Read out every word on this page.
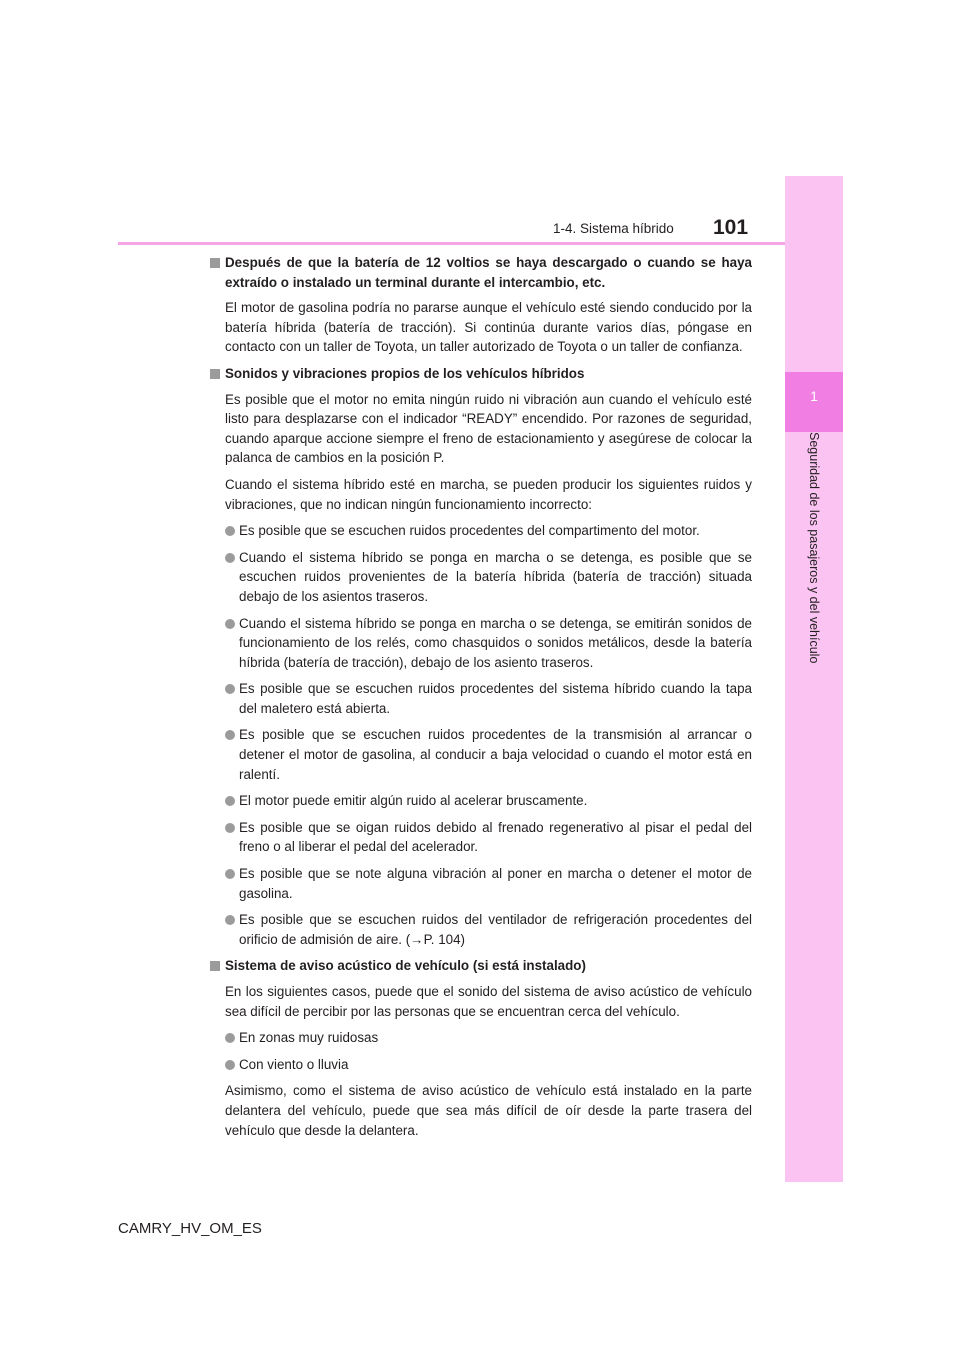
1
Seguridad de los pasajeros y del vehículo
1-4. Sistema híbrido 101
Después de que la batería de 12 voltios se haya descargado o cuando se haya extraído o instalado un terminal durante el intercambio, etc.
El motor de gasolina podría no pararse aunque el vehículo esté siendo conducido por la batería híbrida (batería de tracción). Si continúa durante varios días, póngase en contacto con un taller de Toyota, un taller autorizado de Toyota o un taller de confianza.
Sonidos y vibraciones propios de los vehículos híbridos
Es posible que el motor no emita ningún ruido ni vibración aun cuando el vehículo esté listo para desplazarse con el indicador “READY” encendido. Por razones de seguridad, cuando aparque accione siempre el freno de estacionamiento y asegúrese de colocar la palanca de cambios en la posición P.
Cuando el sistema híbrido esté en marcha, se pueden producir los siguientes ruidos y vibraciones, que no indican ningún funcionamiento incorrecto:
Es posible que se escuchen ruidos procedentes del compartimento del motor.
Cuando el sistema híbrido se ponga en marcha o se detenga, es posible que se escuchen ruidos provenientes de la batería híbrida (batería de tracción) situada debajo de los asientos traseros.
Cuando el sistema híbrido se ponga en marcha o se detenga, se emitirán sonidos de funcionamiento de los relés, como chasquidos o sonidos metálicos, desde la batería híbrida (batería de tracción), debajo de los asiento traseros.
Es posible que se escuchen ruidos procedentes del sistema híbrido cuando la tapa del maletero está abierta.
Es posible que se escuchen ruidos procedentes de la transmisión al arrancar o detener el motor de gasolina, al conducir a baja velocidad o cuando el motor está en ralentí.
El motor puede emitir algún ruido al acelerar bruscamente.
Es posible que se oigan ruidos debido al frenado regenerativo al pisar el pedal del freno o al liberar el pedal del acelerador.
Es posible que se note alguna vibración al poner en marcha o detener el motor de gasolina.
Es posible que se escuchen ruidos del ventilador de refrigeración procedentes del orificio de admisión de aire. (→P. 104)
Sistema de aviso acústico de vehículo (si está instalado)
En los siguientes casos, puede que el sonido del sistema de aviso acústico de vehículo sea difícil de percibir por las personas que se encuentran cerca del vehículo.
En zonas muy ruidosas
Con viento o lluvia
Asimismo, como el sistema de aviso acústico de vehículo está instalado en la parte delantera del vehículo, puede que sea más difícil de oír desde la parte trasera del vehículo que desde la delantera.
CAMRY_HV_OM_ES
